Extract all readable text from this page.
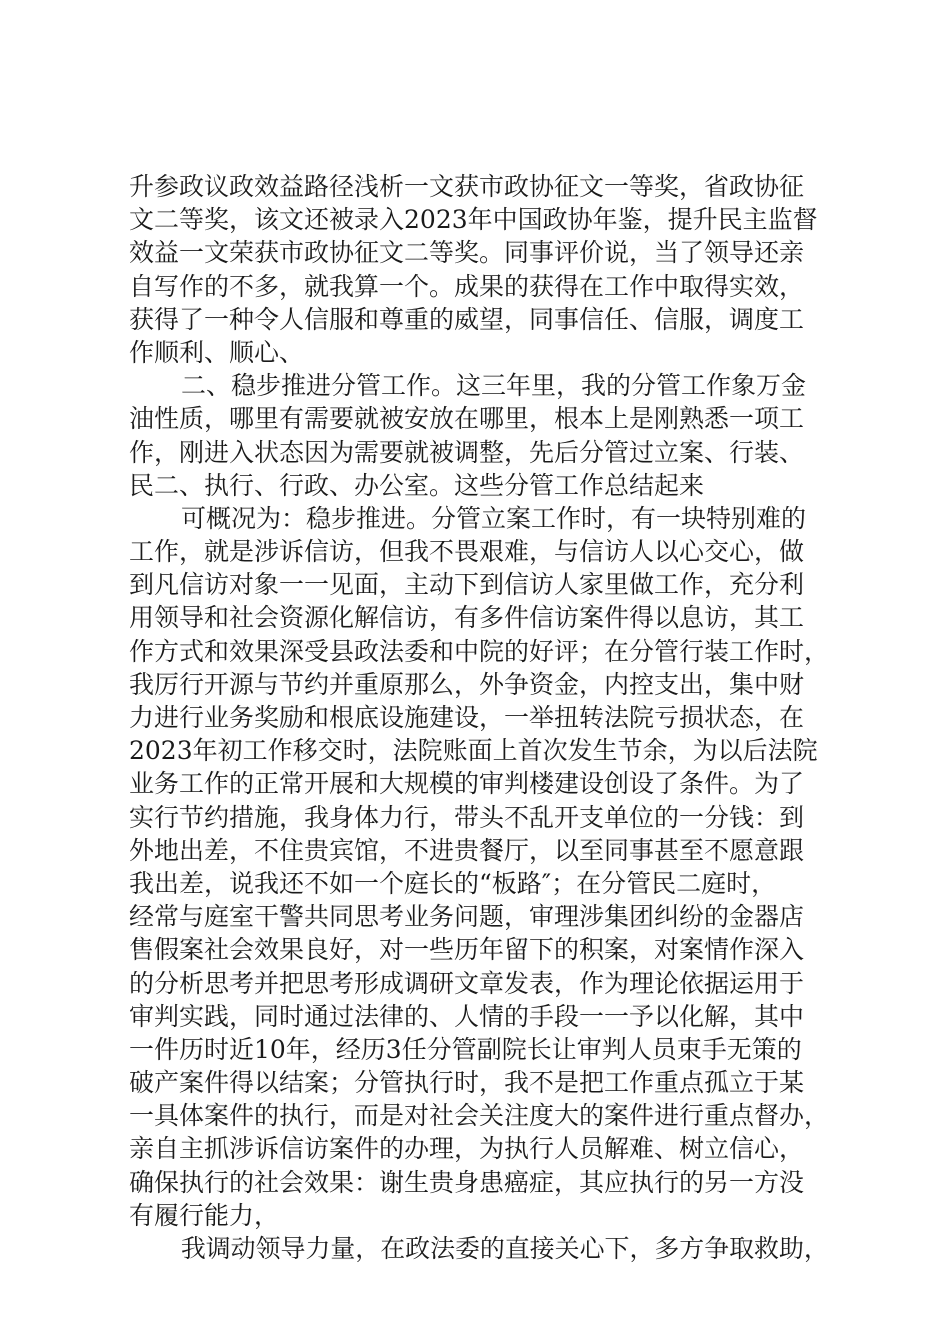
升参政议政效益路径浅析一文获市政协征文一等奖，省政协征
文二等奖，该文还被录入2023年中国政协年鉴，提升民主监督
效益一文荣获市政协征文二等奖。同事评价说，当了领导还亲
自写作的不多，就我算一个。成果的获得在工作中取得实效，
获得了一种令人信服和尊重的威望，同事信任、信服，调度工
作顺利、顺心、
二、稳步推进分管工作。这三年里，我的分管工作象万金
油性质，哪里有需要就被安放在哪里，根本上是刚熟悉一项工
作，刚进入状态因为需要就被调整，先后分管过立案、行装、
民二、执行、行政、办公室。这些分管工作总结起来
可概况为：稳步推进。分管立案工作时，有一块特别难的
工作，就是涉诉信访，但我不畏艰难，与信访人以心交心，做
到凡信访对象一一见面，主动下到信访人家里做工作，充分利
用领导和社会资源化解信访，有多件信访案件得以息访，其工
作方式和效果深受县政法委和中院的好评；在分管行装工作时，
我厉行开源与节约并重原那么，外争资金，内控支出，集中财
力进行业务奖励和根底设施建设，一举扭转法院亏损状态，在
2023年初工作移交时，法院账面上首次发生节余，为以后法院
业务工作的正常开展和大规模的审判楼建设创设了条件。为了
实行节约措施，我身体力行，带头不乱开支单位的一分钱：到
外地出差，不住贵宾馆，不进贵餐厅，以至同事甚至不愿意跟
我出差，说我还不如一个庭长的“板路″；在分管民二庭时，
经常与庭室干警共同思考业务问题，审理涉集团纠纷的金器店
售假案社会效果良好，对一些历年留下的积案，对案情作深入
的分析思考并把思考形成调研文章发表，作为理论依据运用于
审判实践，同时通过法律的、人情的手段一一予以化解，其中
一件历时近10年，经历3任分管副院长让审判人员束手无策的
破产案件得以结案；分管执行时，我不是把工作重点孤立于某
一具体案件的执行，而是对社会关注度大的案件进行重点督办，
亲自主抓涉诉信访案件的办理，为执行人员解难、树立信心，
确保执行的社会效果：谢生贵身患癌症，其应执行的另一方没
有履行能力，
我调动领导力量，在政法委的直接关心下，多方争取救助，
